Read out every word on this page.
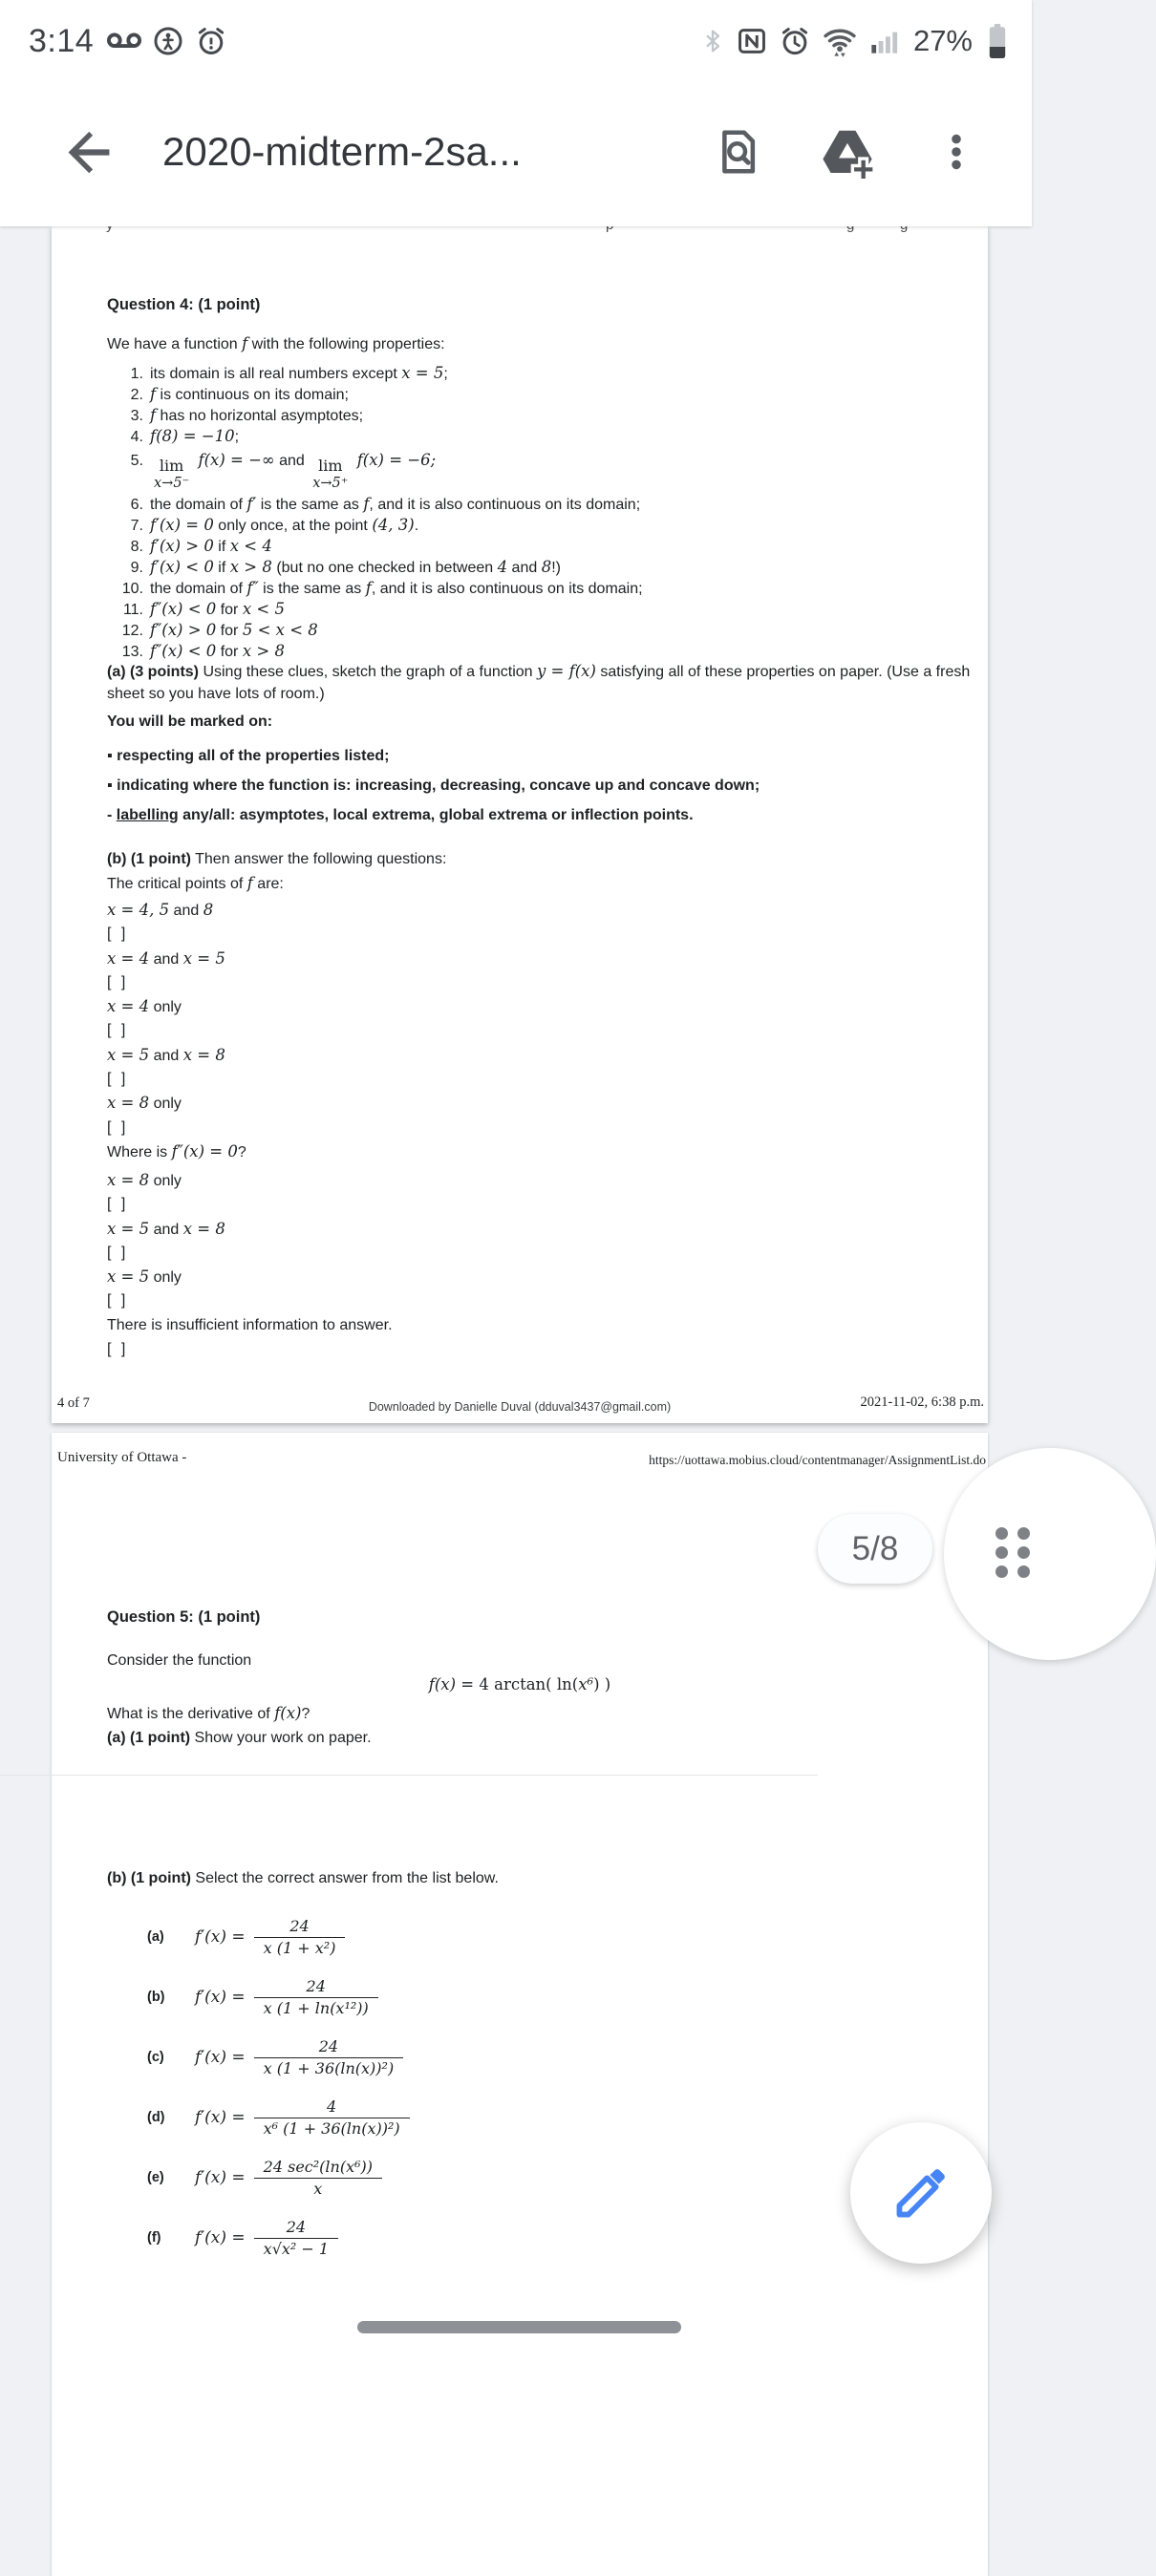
3:14	27%
2020-midterm-2sa...
Question 4: (1 point)
We have a function f with the following properties:
1. its domain is all real numbers except x = 5;
2. f is continuous on its domain;
3. f has no horizontal asymptotes;
4. f(8) = −10;
5. lim
x→5⁻
f(x) = −∞ and lim
x→5⁺
f(x) = −6;
6. the domain of f′ is the same as f, and it is also continuous on its domain;
7. f′(x) = 0 only once, at the point (4, 3).
8. f′(x) > 0 if x < 4
9. f′(x) < 0 if x > 8 (but no one checked in between 4 and 8!)
10. the domain of f″ is the same as f, and it is also continuous on its domain;
11. f″(x) < 0 for x < 5
12. f″(x) > 0 for 5 < x < 8
13. f″(x) < 0 for x > 8
(a) (3 points) Using these clues, sketch the graph of a function y = f(x) satisfying all of these properties on paper. (Use a fresh sheet so you have lots of room.)
You will be marked on:
▪ respecting all of the properties listed;
▪ indicating where the function is: increasing, decreasing, concave up and concave down;
- labelling any/all: asymptotes, local extrema, global extrema or inflection points.
(b) (1 point) Then answer the following questions:
The critical points of f are:
x = 4, 5 and 8
[ ]
x = 4 and x = 5
[ ]
x = 4 only
[ ]
x = 5 and x = 8
[ ]
x = 8 only
[ ]
Where is f″(x) = 0?
x = 8 only
[ ]
x = 5 and x = 8
[ ]
x = 5 only
[ ]
There is insufficient information to answer.
[ ]
4 of 7	Downloaded by Danielle Duval (dduval3437@gmail.com)	2021-11-02, 6:38 p.m.
University of Ottawa -	https://uottawa.mobius.cloud/contentmanager/AssignmentList.do
Question 5: (1 point)
Consider the function
f(x) = 4 arctan( ln(x⁶) )
What is the derivative of f(x)?
(a) (1 point) Show your work on paper.
(b) (1 point) Select the correct answer from the list below.
(a)	$f'(x) = \frac{24}{\text{x (1 + x²)}}$
(b)	$f'(x) = \frac{24}{\text{x (1 + ln(x¹²))}}$
(c)	$f'(x) = \frac{24}{\text{x (1 + 36(ln(x))²)}}$
(d)	$f'(x) = \frac{4}{\text{x⁶ (1 + 36(ln(x))²)}}$
(e)	$f'(x) = \frac{\text{24 sec²(ln(x⁶))}}{x}$
(f)	$f'(x) = \frac{24}{\text{x√x² − 1}}$
5/8
